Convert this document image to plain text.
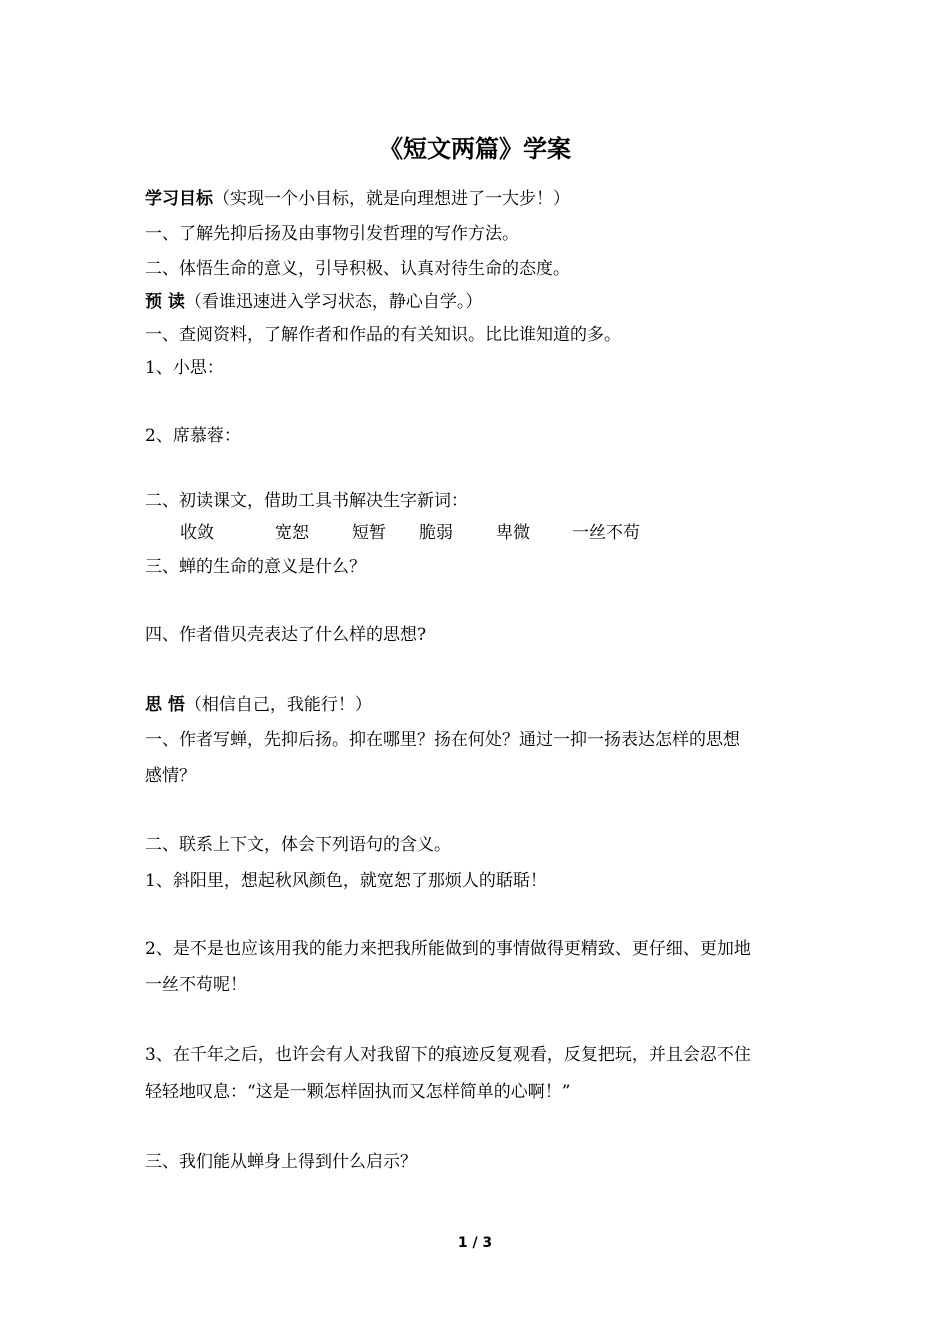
《短文两篇》学案
学习目标（实现一个小目标，就是向理想进了一大步！）
一、了解先抑后扬及由事物引发哲理的写作方法。
二、体悟生命的意义，引导积极、认真对待生命的态度。
预 读（看谁迅速进入学习状态，静心自学。）
一、查阅资料，了解作者和作品的有关知识。比比谁知道的多。
1、小思：
2、席慕蓉：
二、初读课文，借助工具书解决生字新词：
收敛	宽恕	短暂 脆弱	卑微 一丝不苟
三、蝉的生命的意义是什么？
四、作者借贝壳表达了什么样的思想?
思 悟（相信自己，我能行！）
一、作者写蝉，先抑后扬。抑在哪里？扬在何处？通过一抑一扬表达怎样的思想
感情？
二、联系上下文，体会下列语句的含义。
1、斜阳里，想起秋风颜色，就宽恕了那烦人的聒聒！
2、是不是也应该用我的能力来把我所能做到的事情做得更精致、更仔细、更加地
一丝不苟呢！
3、在千年之后，也许会有人对我留下的痕迹反复观看，反复把玩，并且会忍不住
轻轻地叹息：“这是一颗怎样固执而又怎样简单的心啊！”
三、我们能从蝉身上得到什么启示？
1 / 3
